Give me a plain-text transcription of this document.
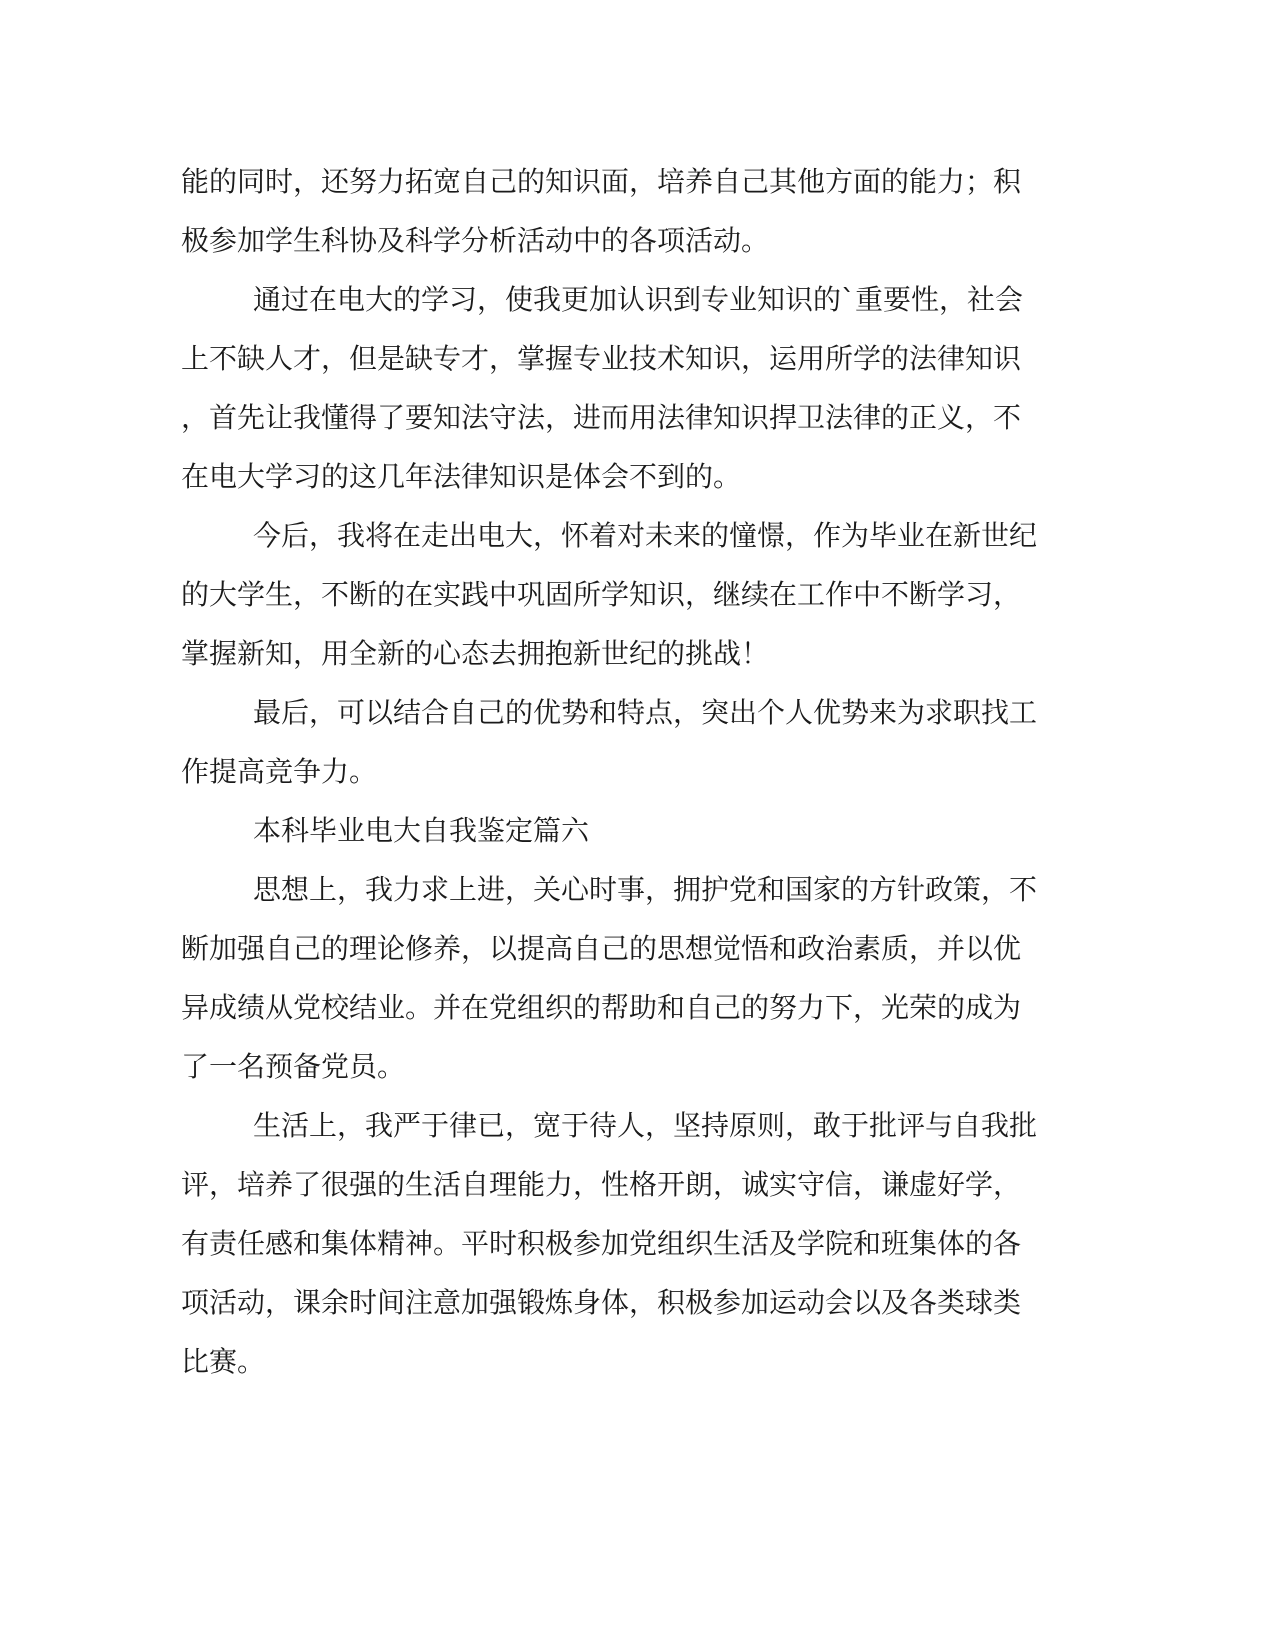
能的同时，还努力拓宽自己的知识面，培养自己其他方面的能力；积
极参加学生科协及科学分析活动中的各项活动。
通过在电大的学习，使我更加认识到专业知识的`重要性，社会
上不缺人才，但是缺专才，掌握专业技术知识，运用所学的法律知识
，首先让我懂得了要知法守法，进而用法律知识捍卫法律的正义，不
在电大学习的这几年法律知识是体会不到的。
今后，我将在走出电大，怀着对未来的憧憬，作为毕业在新世纪
的大学生，不断的在实践中巩固所学知识，继续在工作中不断学习，
掌握新知，用全新的心态去拥抱新世纪的挑战！
最后，可以结合自己的优势和特点，突出个人优势来为求职找工
作提高竞争力。
本科毕业电大自我鉴定篇六
思想上，我力求上进，关心时事，拥护党和国家的方针政策，不
断加强自己的理论修养，以提高自己的思想觉悟和政治素质，并以优
异成绩从党校结业。并在党组织的帮助和自己的努力下，光荣的成为
了一名预备党员。
生活上，我严于律已，宽于待人，坚持原则，敢于批评与自我批
评，培养了很强的生活自理能力，性格开朗，诚实守信，谦虚好学，
有责任感和集体精神。平时积极参加党组织生活及学院和班集体的各
项活动，课余时间注意加强锻炼身体，积极参加运动会以及各类球类
比赛。
